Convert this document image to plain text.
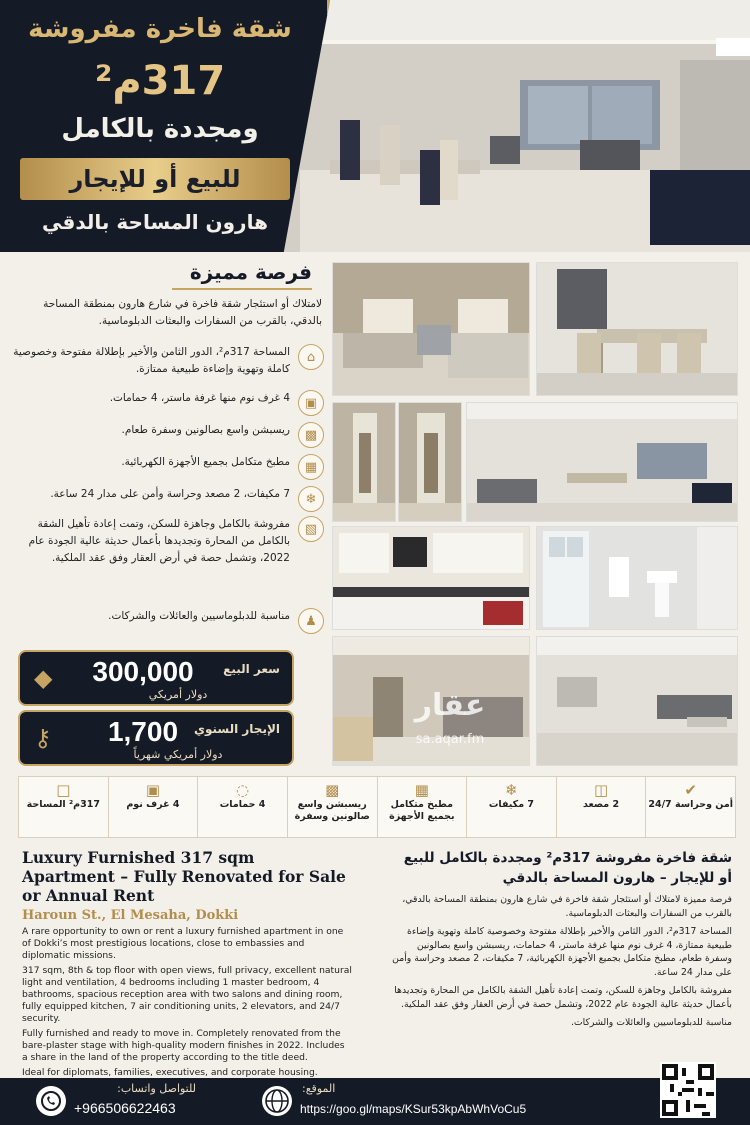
شقة فاخرة مفروشة
317م²
ومجددة بالكامل
للبيع أو للإيجار
هارون المساحة بالدقي
فرصة مميزة
لامتلاك أو استئجار شقة فاخرة في شارع هارون بمنطقة المساحة بالدقي، بالقرب من السفارات والبعثات الدبلوماسية.
⌂
المساحة 317م²، الدور الثامن والأخير بإطلالة مفتوحة وخصوصية كاملة وتهوية وإضاءة طبيعية ممتازة.
▣
4 غرف نوم منها غرفة ماستر، 4 حمامات.
▩
ريسبشن واسع بصالونين وسفرة طعام.
▦
مطبخ متكامل بجميع الأجهزة الكهربائية.
❄
7 مكيفات، 2 مصعد وحراسة وأمن على مدار 24 ساعة.
▧
مفروشة بالكامل وجاهزة للسكن، وتمت إعادة تأهيل الشقة بالكامل من المحارة وتجديدها بأعمال حديثة عالية الجودة عام 2022، وتشمل حصة في أرض العقار وفق عقد الملكية.
♟
مناسبة للدبلوماسيين والعائلات والشركات.
◆	300,000	سعر البيع
دولار أمريكي
⚷	1,700	الإيجار السنوي
دولار أمريكي شهرياً
عقار
sa.aqar.fm
✔
أمن وحراسة 24/7
◫
2 مصعد
❄
7 مكيفات
▦
مطبخ متكامل بجميع الأجهزة
▩
ريسبشن واسع صالونين وسفرة
◌
4 حمامات
▣
4 غرف نوم
□
317م² المساحة
Luxury Furnished 317 sqm Apartment – Fully Renovated for Sale or Annual Rent
Haroun St., El Mesaha, Dokki
A rare opportunity to own or rent a luxury furnished apartment in one of Dokki’s most prestigious locations, close to embassies and diplomatic missions.
317 sqm, 8th & top floor with open views, full privacy, excellent natural light and ventilation, 4 bedrooms including 1 master bedroom, 4 bathrooms, spacious reception area with two salons and dining room, fully equipped kitchen, 7 air conditioning units, 2 elevators, and 24/7 security.
Fully furnished and ready to move in. Completely renovated from the bare-plaster stage with high-quality modern finishes in 2022. Includes a share in the land of the property according to the title deed.
Ideal for diplomats, families, executives, and corporate housing.
شقة فاخرة مفروشة 317م² ومجددة بالكامل للبيع أو للإيجار – هارون المساحة بالدقي
فرصة مميزة لامتلاك أو استئجار شقة فاخرة في شارع هارون بمنطقة المساحة بالدقي، بالقرب من السفارات والبعثات الدبلوماسية.
المساحة 317م²، الدور الثامن والأخير بإطلالة مفتوحة وخصوصية كاملة وتهوية وإضاءة طبيعية ممتازة، 4 غرف نوم منها غرفة ماستر، 4 حمامات، ريسبشن واسع بصالونين وسفرة طعام، مطبخ متكامل بجميع الأجهزة الكهربائية، 7 مكيفات، 2 مصعد وحراسة وأمن على مدار 24 ساعة.
مفروشة بالكامل وجاهزة للسكن، وتمت إعادة تأهيل الشقة بالكامل من المحارة وتجديدها بأعمال حديثة عالية الجودة عام 2022، وتشمل حصة في أرض العقار وفق عقد الملكية.
مناسبة للدبلوماسيين والعائلات والشركات.
للتواصل واتساب:
+966506622463
الموقع:
https://goo.gl/maps/KSur53kpAbWhVoCu5
